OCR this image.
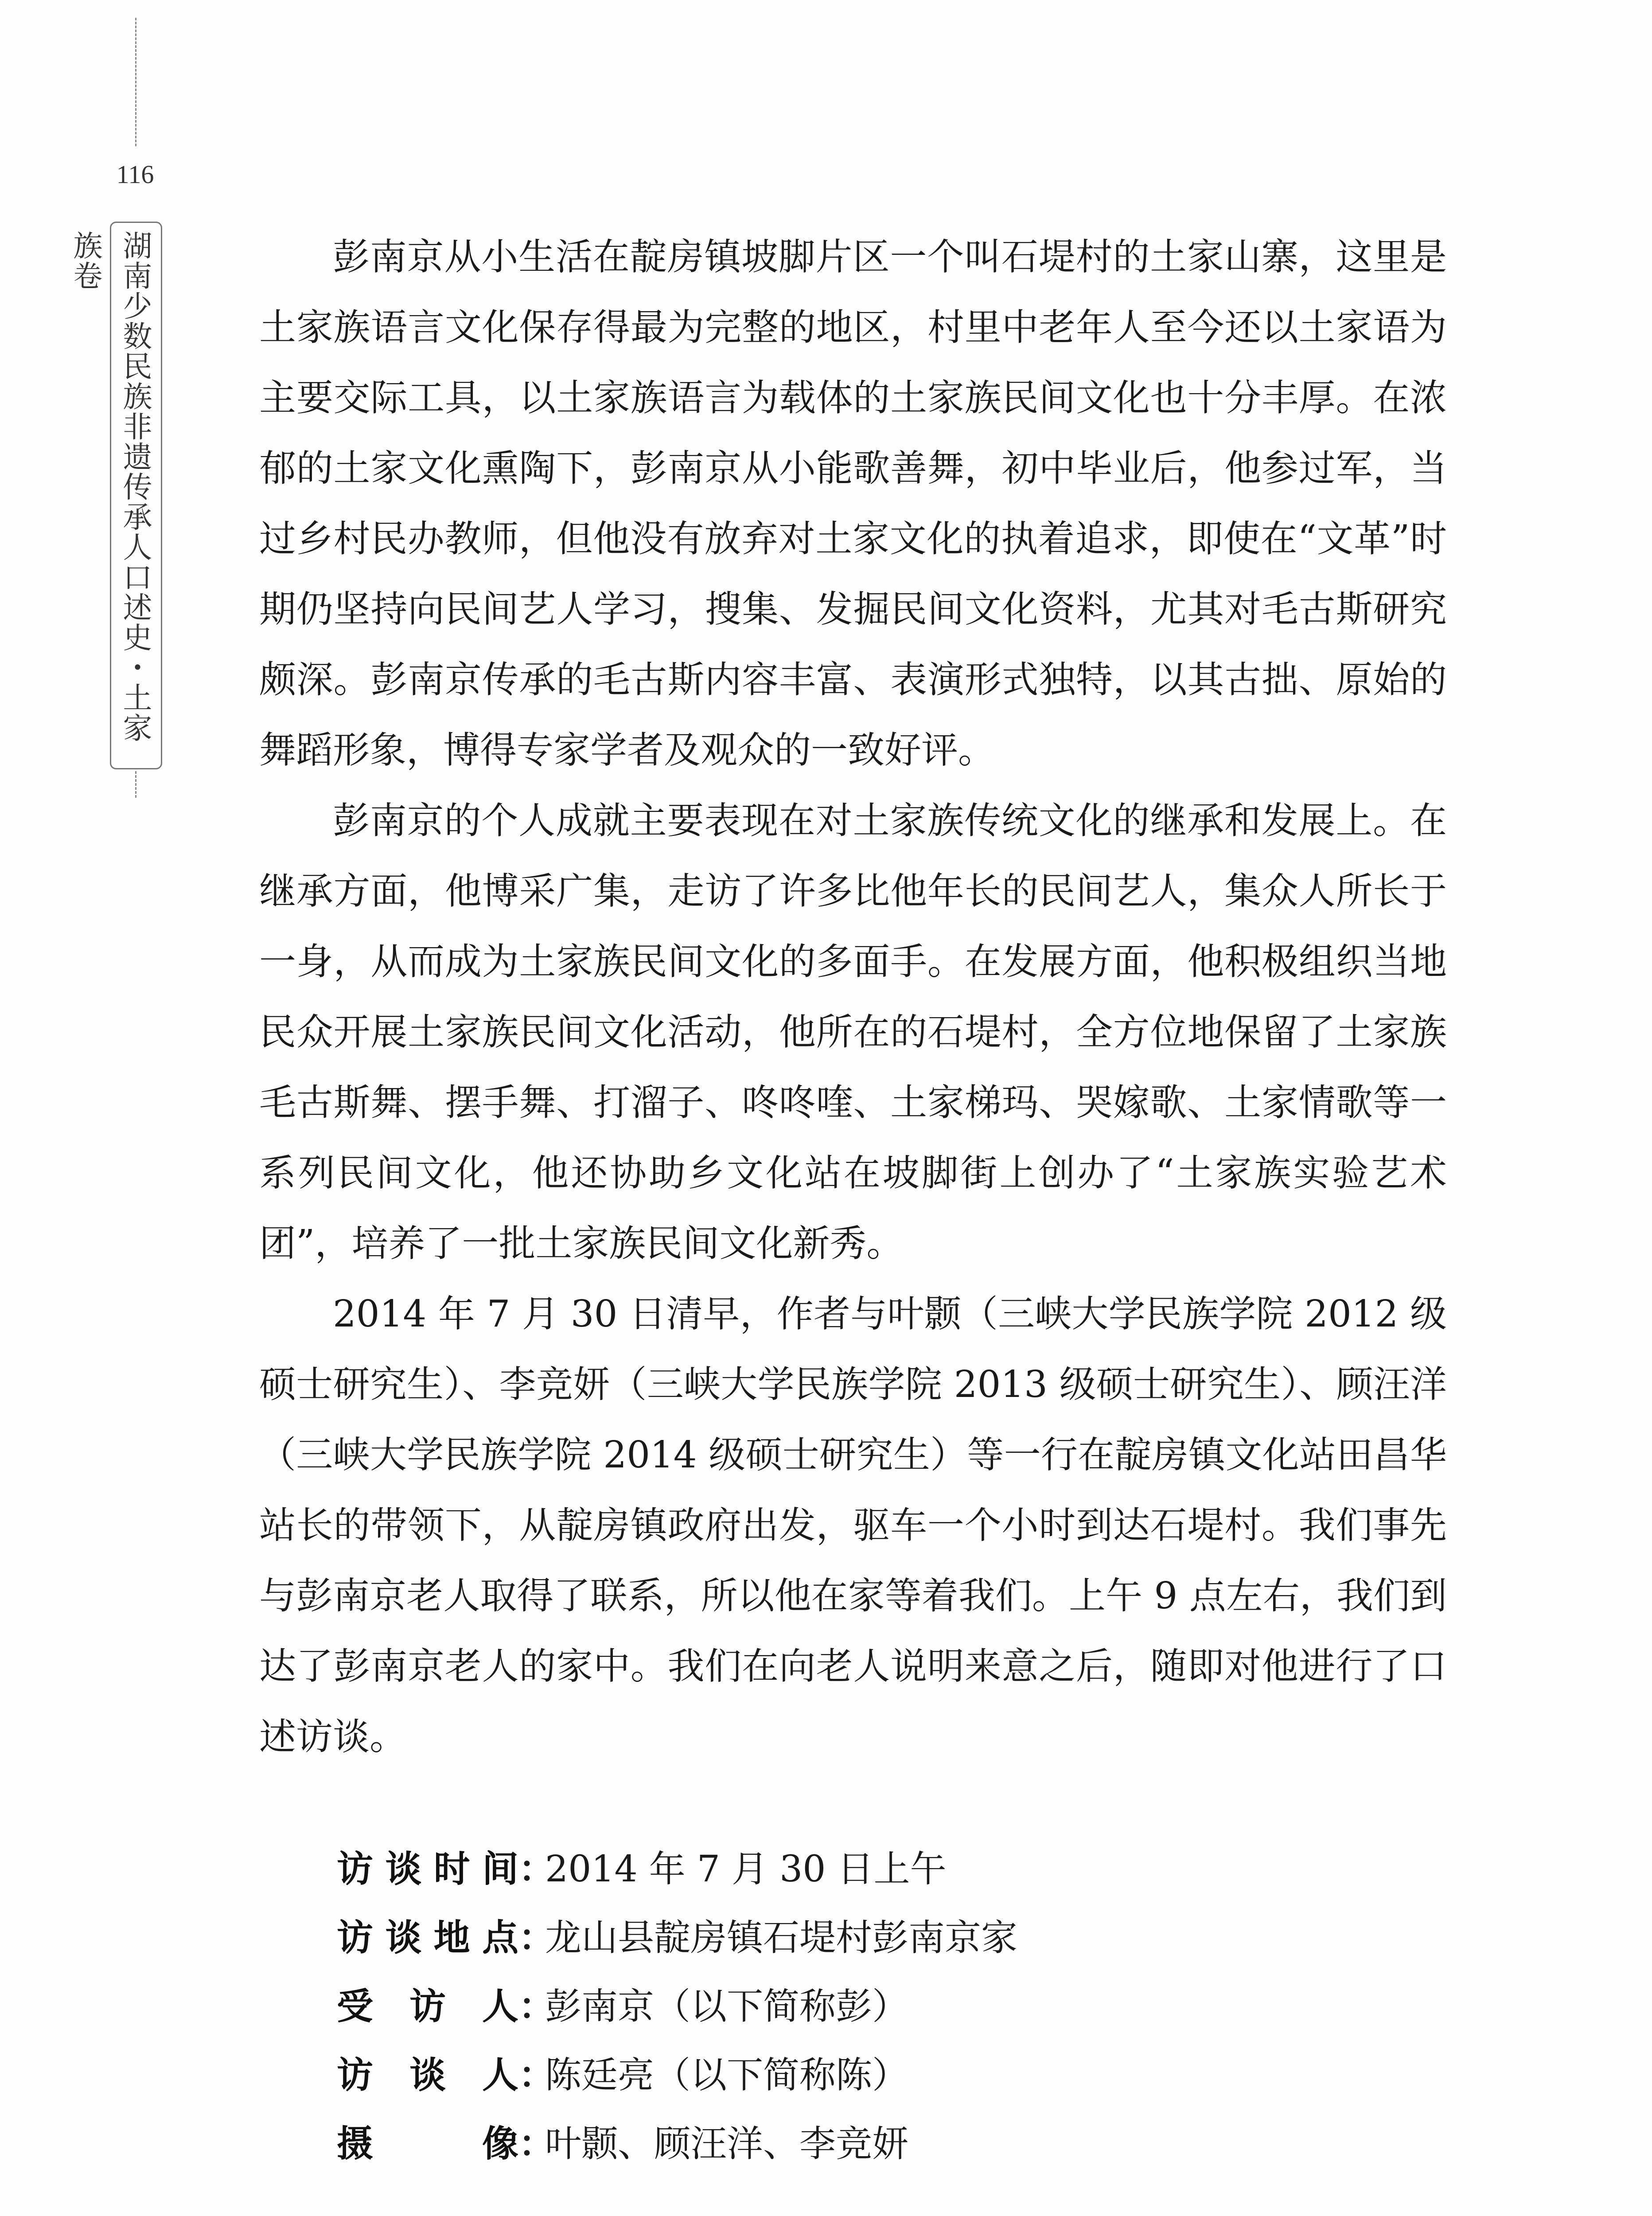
116
湖南少数民族非遗传承人口述史・土家族卷	彭南京从小生活在靛房镇坡脚片区一个叫石堤村的土家山寨，这里是土家族语言文化保存得最为完整的地区，村里中老年人至今还以土家语为主要交际工具，以土家族语言为载体的土家族民间文化也十分丰厚。在浓郁的土家文化熏陶下，彭南京从小能歌善舞，初中毕业后，他参过军，当过乡村民办教师，但他没有放弃对土家文化的执着追求，即使在“文革”时期仍坚持向民间艺人学习，搜集、发掘民间文化资料，尤其对毛古斯研究颇深。彭南京传承的毛古斯内容丰富、表演形式独特，以其古拙、原始的舞蹈形象，博得专家学者及观众的一致好评。

彭南京的个人成就主要表现在对土家族传统文化的继承和发展上。在继承方面，他博采广集，走访了许多比他年长的民间艺人，集众人所长于一身，从而成为土家族民间文化的多面手。在发展方面，他积极组织当地民众开展土家族民间文化活动，他所在的石堤村，全方位地保留了土家族毛古斯舞、摆手舞、打溜子、咚咚喹、土家梯玛、哭嫁歌、土家情歌等一系列民间文化，他还协助乡文化站在坡脚街上创办了“土家族实验艺术团”，培养了一批土家族民间文化新秀。

2014 年 7 月 30 日清早，作者与叶颢（三峡大学民族学院 2012 级硕士研究生）、李竞妍（三峡大学民族学院 2013 级硕士研究生）、顾汪洋（三峡大学民族学院 2014 级硕士研究生）等一行在靛房镇文化站田昌华站长的带领下，从靛房镇政府出发，驱车一个小时到达石堤村。我们事先与彭南京老人取得了联系，所以他在家等着我们。上午 9 点左右，我们到达了彭南京老人的家中。我们在向老人说明来意之后，随即对他进行了口述访谈。

访谈时间 ：
2014 年 7 月 30 日上午
访谈地点 ：
龙山县靛房镇石堤村彭南京家
受访人 ：
彭南京（以下简称彭）
访谈人 ：
陈廷亮（以下简称陈）
摄像 ：
叶颢、顾汪洋、李竞妍
